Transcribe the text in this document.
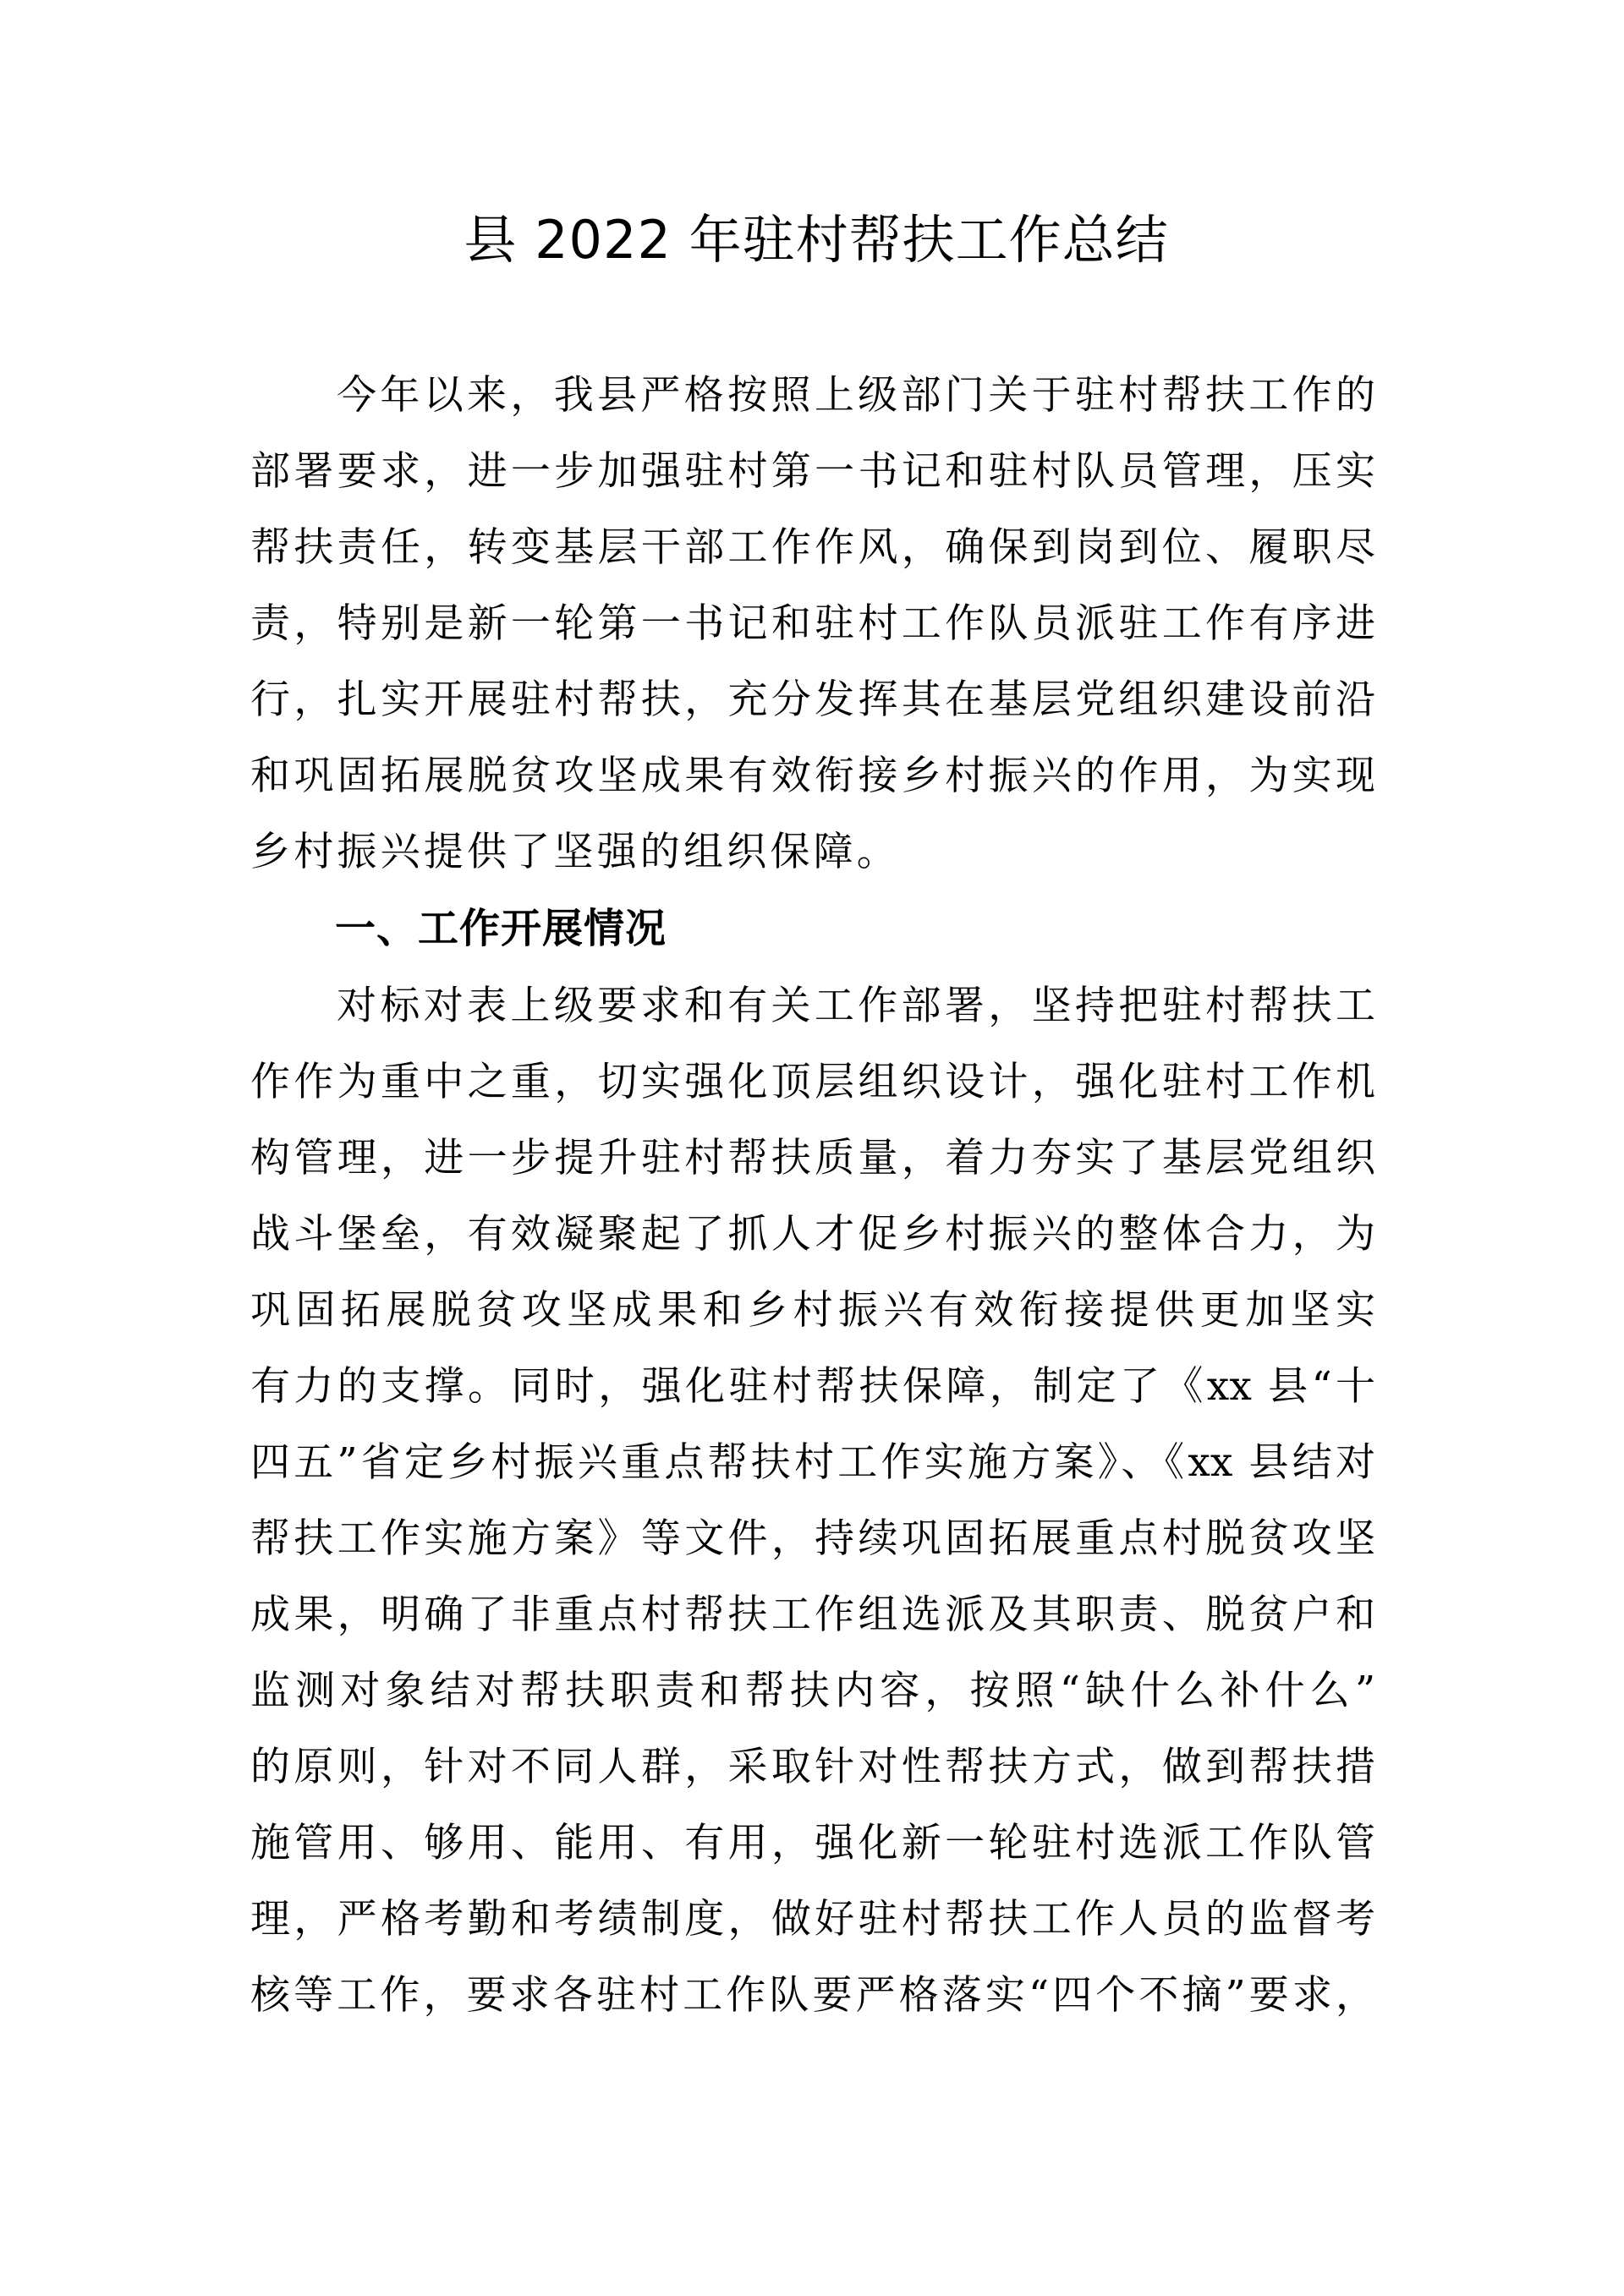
县 2022 年驻村帮扶工作总结
今年以来，我县严格按照上级部门关于驻村帮扶工作的
部署要求，进一步加强驻村第一书记和驻村队员管理，压实
帮扶责任，转变基层干部工作作风，确保到岗到位、履职尽
责，特别是新一轮第一书记和驻村工作队员派驻工作有序进
行，扎实开展驻村帮扶，充分发挥其在基层党组织建设前沿
和巩固拓展脱贫攻坚成果有效衔接乡村振兴的作用，为实现
乡村振兴提供了坚强的组织保障。
一、工作开展情况
对标对表上级要求和有关工作部署，坚持把驻村帮扶工
作作为重中之重，切实强化顶层组织设计，强化驻村工作机
构管理，进一步提升驻村帮扶质量，着力夯实了基层党组织
战斗堡垒，有效凝聚起了抓人才促乡村振兴的整体合力，为
巩固拓展脱贫攻坚成果和乡村振兴有效衔接提供更加坚实
有力的支撑。同时，强化驻村帮扶保障，制定了《xx 县“十
四五”省定乡村振兴重点帮扶村工作实施方案》、《xx 县结对
帮扶工作实施方案》等文件，持续巩固拓展重点村脱贫攻坚
成果，明确了非重点村帮扶工作组选派及其职责、脱贫户和
监测对象结对帮扶职责和帮扶内容，按照“缺什么补什么”
的原则，针对不同人群，采取针对性帮扶方式，做到帮扶措
施管用、够用、能用、有用，强化新一轮驻村选派工作队管
理，严格考勤和考绩制度，做好驻村帮扶工作人员的监督考
核等工作，要求各驻村工作队要严格落实“四个不摘”要求，
